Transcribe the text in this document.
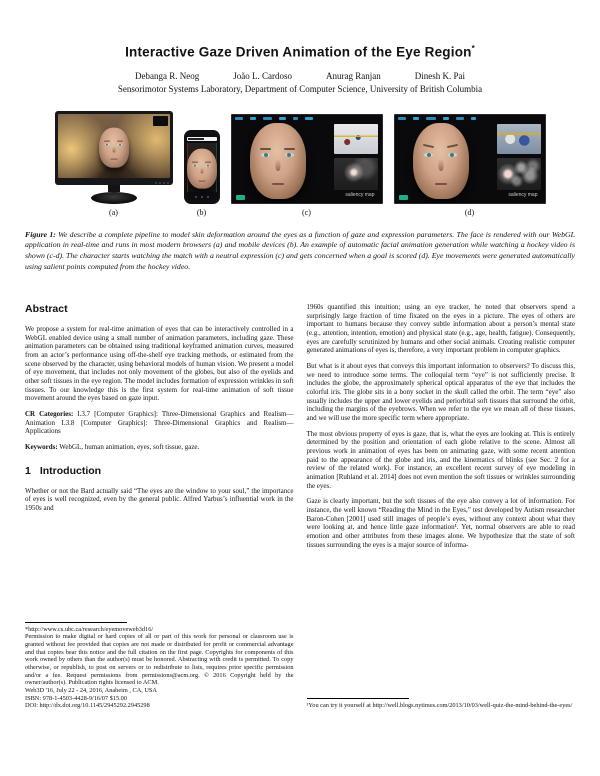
Interactive Gaze Driven Animation of the Eye Region*
Debanga R. Neog	João L. Cardoso	Anurag Ranjan	Dinesh K. Pai
Sensorimotor Systems Laboratory, Department of Computer Science, University of British Columbia
(a)	(b)
saliency map
(c)
saliency map
(d)
Figure 1: We describe a complete pipeline to model skin deformation around the eyes as a function of gaze and expression parameters. The face is rendered with our WebGL application in real-time and runs in most modern browsers (a) and mobile devices (b). An example of automatic facial animation generation while watching a hockey video is shown (c-d). The character starts watching the match with a neutral expression (c) and gets concerned when a goal is scored (d). Eye movements were generated automatically using salient points computed from the hockey video.
Abstract

We propose a system for real-time animation of eyes that can be interactively controlled in a WebGL enabled device using a small number of animation parameters, including gaze. These animation parameters can be obtained using traditional keyframed animation curves, measured from an actor’s performance using off-the-shelf eye tracking methods, or estimated from the scene observed by the character, using behavioral models of human vision. We present a model of eye movement, that includes not only movement of the globes, but also of the eyelids and other soft tissues in the eye region. The model includes formation of expression wrinkles in soft tissues. To our knowledge this is the first system for real-time animation of soft tissue movement around the eyes based on gaze input.

CR Categories: I.3.7 [Computer Graphics]: Three-Dimensional Graphics and Realism—Animation I.3.8 [Computer Graphics]: Three-Dimensional Graphics and Realism—Applications

Keywords: WebGL, human animation, eyes, soft tissue, gaze.

1 Introduction

Whether or not the Bard actually said “The eyes are the window to your soul,” the importance of eyes is well recognized, even by the general public. Alfred Yarbus’s influential work in the 1950s and

*http://www.cs.ubc.ca/research/eyemoveweb3d16/

Permission to make digital or hard copies of all or part of this work for personal or classroom use is granted without fee provided that copies are not made or distributed for profit or commercial advantage and that copies bear this notice and the full citation on the first page. Copyrights for components of this work owned by others than the author(s) must be honored. Abstracting with credit is permitted. To copy otherwise, or republish, to post on servers or to redistribute to lists, requires prior specific permission and/or a fee. Request permissions from permissions@acm.org. © 2016 Copyright held by the owner/author(s). Publication rights licensed to ACM.

Web3D '16, July 22 - 24, 2016, Anaheim , CA, USA

ISBN: 978-1-4503-4428-9/16/07 $15.00

DOI: http://dx.doi.org/10.1145/2945292.2945298

1960s quantified this intuition; using an eye tracker, he noted that observers spend a surprisingly large fraction of time fixated on the eyes in a picture. The eyes of others are important to humans because they convey subtle information about a person’s mental state (e.g., attention, intention, emotion) and physical state (e.g., age, health, fatigue). Consequently, eyes are carefully scrutinized by humans and other social animals. Creating realistic computer generated animations of eyes is, therefore, a very important problem in computer graphics.

But what is it about eyes that conveys this important information to observers? To discuss this, we need to introduce some terms. The colloquial term “eye” is not sufficiently precise. It includes the globe, the approximately spherical optical apparatus of the eye that includes the colorful iris. The globe sits in a bony socket in the skull called the orbit. The term “eye” also usually includes the upper and lower eyelids and periorbital soft tissues that surround the orbit, including the margins of the eyebrows. When we refer to the eye we mean all of these tissues, and we will use the more specific term where appropriate.

The most obvious property of eyes is gaze, that is, what the eyes are looking at. This is entirely determined by the position and orientation of each globe relative to the scene. Almost all previous work in animation of eyes has been on animating gaze, with some recent attention paid to the appearance of the globe and iris, and the kinematics of blinks (see Sec. 2 for a review of the related work). For instance, an excellent recent survey of eye modeling in animation [Ruhland et al. 2014] does not even mention the soft tissues or wrinkles surrounding the eyes.

Gaze is clearly important, but the soft tissues of the eye also convey a lot of information. For instance, the well known “Reading the Mind in the Eyes,” test developed by Autism researcher Baron-Cohen [2001] used still images of people’s eyes, without any context about what they were looking at, and hence little gaze information¹. Yet, normal observers are able to read emotion and other attributes from these images alone. We hypothesize that the state of soft tissues surrounding the eyes is a major source of informa-

¹You can try it yourself at http://well.blogs.nytimes.com/2013/10/03/well-quiz-the-mind-behind-the-eyes/
